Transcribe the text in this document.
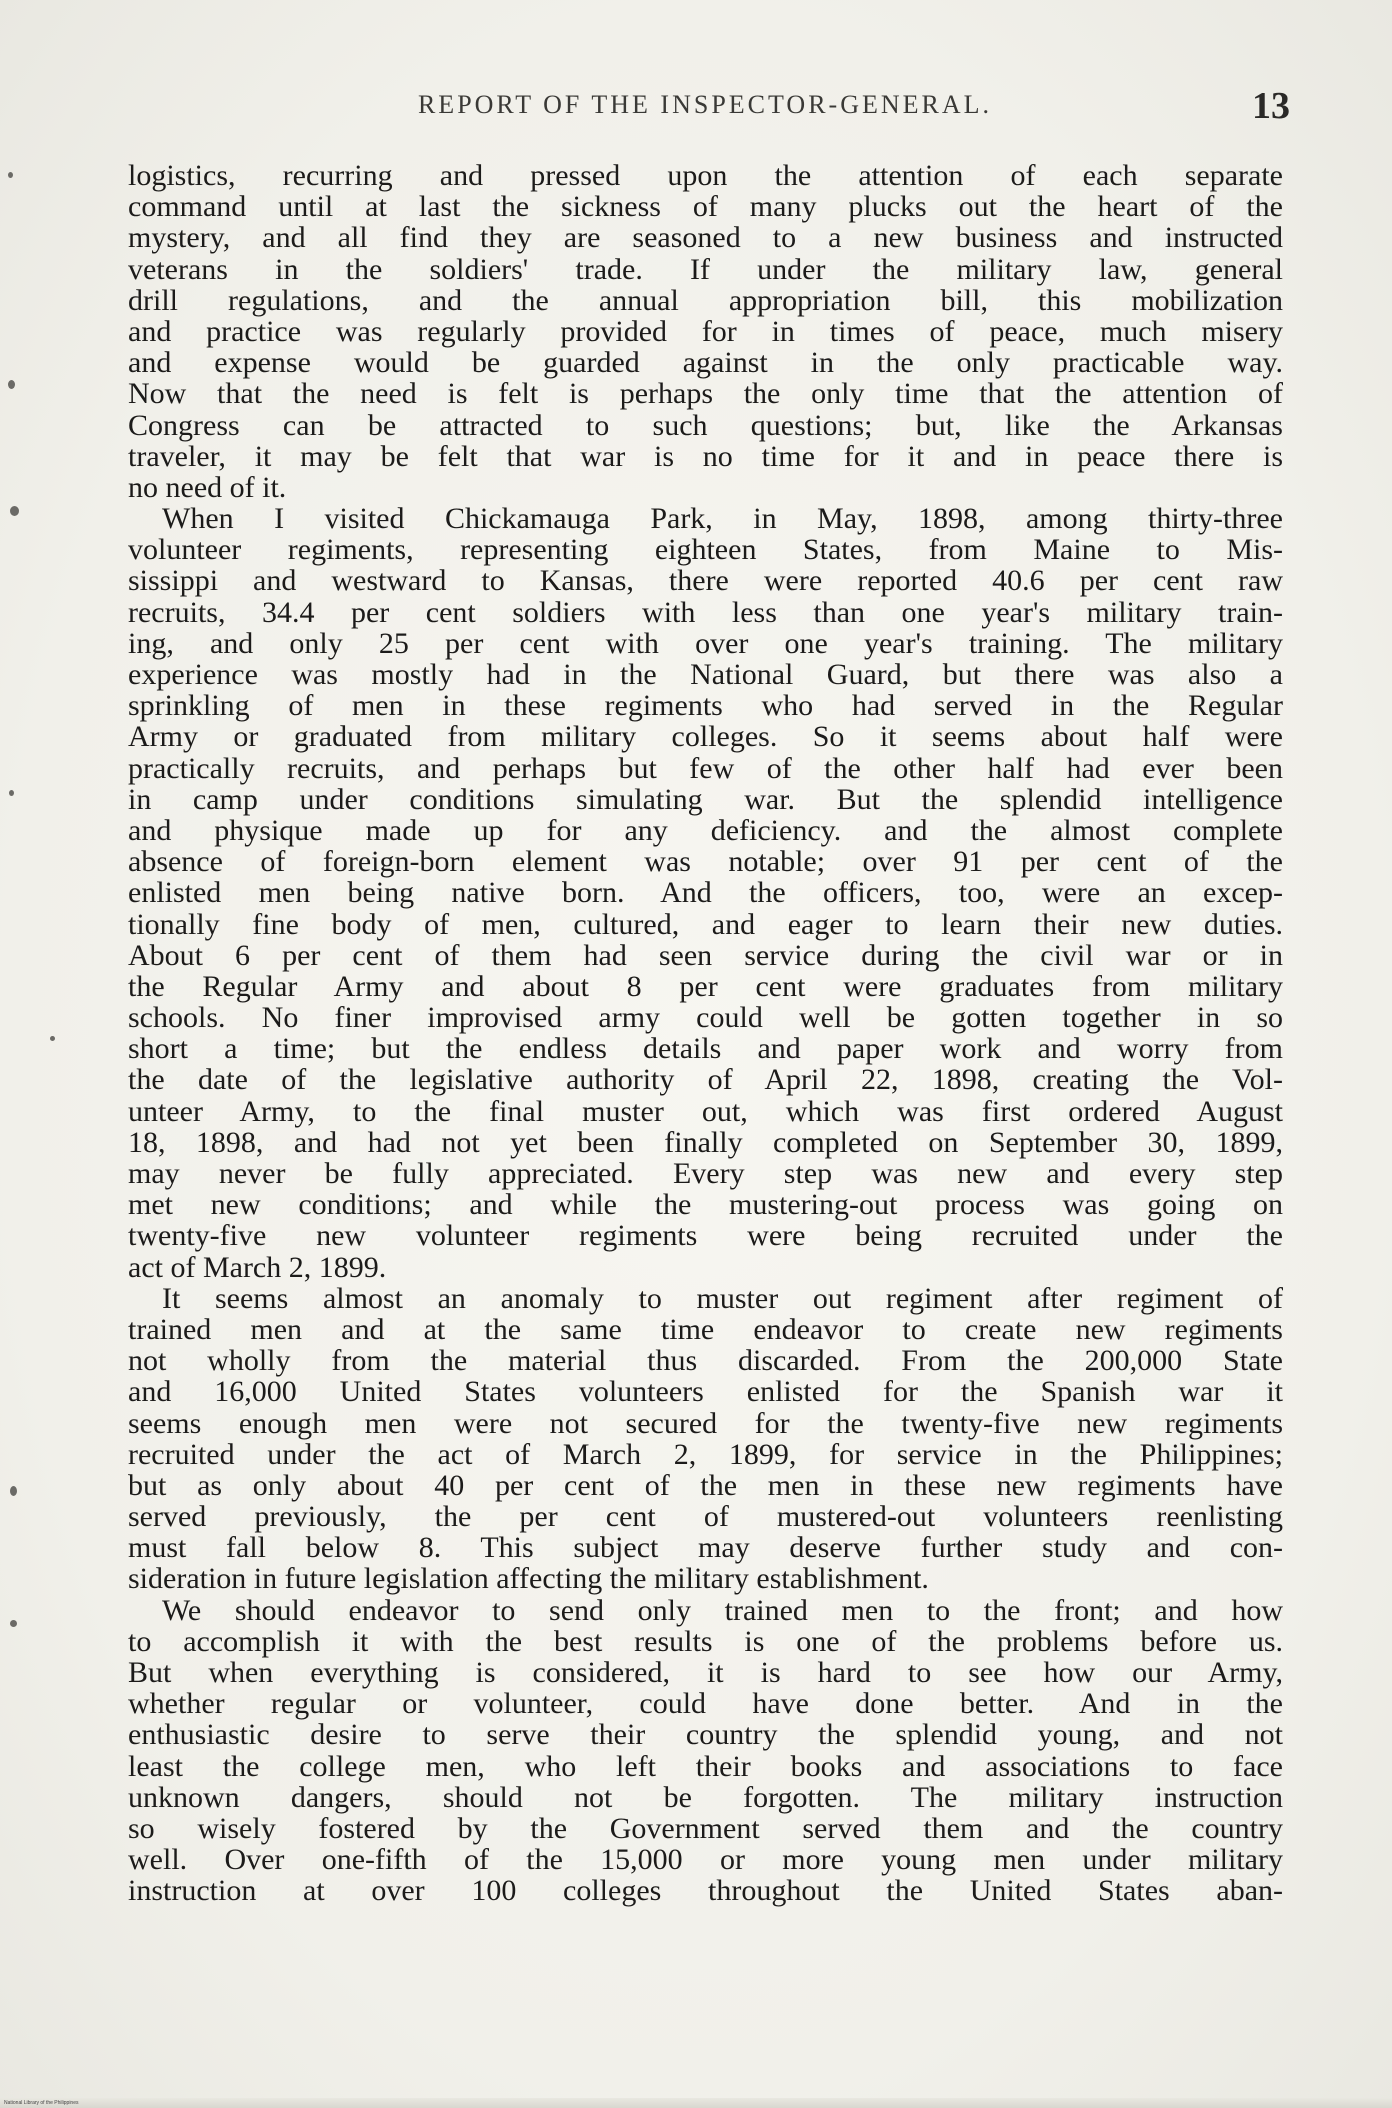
REPORT OF THE INSPECTOR-GENERAL.	13
logistics, recurring and pressed upon the attention of each separate
command until at last the sickness of many plucks out the heart of the
mystery, and all find they are seasoned to a new business and instructed
veterans in the soldiers' trade. If under the military law, general
drill regulations, and the annual appropriation bill, this mobilization
and practice was regularly provided for in times of peace, much misery
and expense would be guarded against in the only practicable way.
Now that the need is felt is perhaps the only time that the attention of
Congress can be attracted to such questions; but, like the Arkansas
traveler, it may be felt that war is no time for it and in peace there is
no need of it.
When I visited Chickamauga Park, in May, 1898, among thirty-three
volunteer regiments, representing eighteen States, from Maine to Mis-
sissippi and westward to Kansas, there were reported 40.6 per cent raw
recruits, 34.4 per cent soldiers with less than one year's military train-
ing, and only 25 per cent with over one year's training. The military
experience was mostly had in the National Guard, but there was also a
sprinkling of men in these regiments who had served in the Regular
Army or graduated from military colleges. So it seems about half were
practically recruits, and perhaps but few of the other half had ever been
in camp under conditions simulating war. But the splendid intelligence
and physique made up for any deficiency. and the almost complete
absence of foreign-born element was notable; over 91 per cent of the
enlisted men being native born. And the officers, too, were an excep-
tionally fine body of men, cultured, and eager to learn their new duties.
About 6 per cent of them had seen service during the civil war or in
the Regular Army and about 8 per cent were graduates from military
schools. No finer improvised army could well be gotten together in so
short a time; but the endless details and paper work and worry from
the date of the legislative authority of April 22, 1898, creating the Vol-
unteer Army, to the final muster out, which was first ordered August
18, 1898, and had not yet been finally completed on September 30, 1899,
may never be fully appreciated. Every step was new and every step
met new conditions; and while the mustering-out process was going on
twenty-five new volunteer regiments were being recruited under the
act of March 2, 1899.
It seems almost an anomaly to muster out regiment after regiment of
trained men and at the same time endeavor to create new regiments
not wholly from the material thus discarded. From the 200,000 State
and 16,000 United States volunteers enlisted for the Spanish war it
seems enough men were not secured for the twenty-five new regiments
recruited under the act of March 2, 1899, for service in the Philippines;
but as only about 40 per cent of the men in these new regiments have
served previously, the per cent of mustered-out volunteers reenlisting
must fall below 8. This subject may deserve further study and con-
sideration in future legislation affecting the military establishment.
We should endeavor to send only trained men to the front; and how
to accomplish it with the best results is one of the problems before us.
But when everything is considered, it is hard to see how our Army,
whether regular or volunteer, could have done better. And in the
enthusiastic desire to serve their country the splendid young, and not
least the college men, who left their books and associations to face
unknown dangers, should not be forgotten. The military instruction
so wisely fostered by the Government served them and the country
well. Over one-fifth of the 15,000 or more young men under military
instruction at over 100 colleges throughout the United States aban-
National Library of the Philippines
